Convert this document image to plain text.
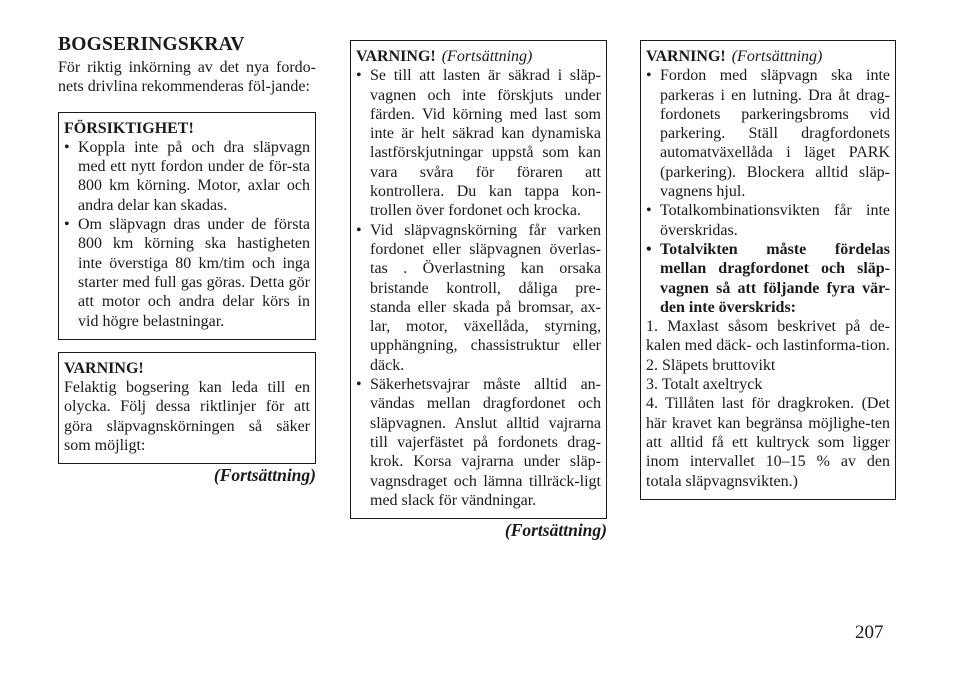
BOGSERINGSKRAV

För riktig inkörning av det nya fordo-nets drivlina rekommenderas föl-jande:

FÖRSIKTIGHET!

• Koppla inte på och dra släpvagn med ett nytt fordon under de för-sta 800 km körning. Motor, axlar och andra delar kan skadas.

• Om släpvagn dras under de första 800 km körning ska hastigheten inte överstiga 80 km/tim och inga starter med full gas göras. Detta gör att motor och andra delar körs in vid högre belastningar.

VARNING!

Felaktig bogsering kan leda till en olycka. Följ dessa riktlinjer för att göra släpvagnskörningen så säker som möjligt:

(Fortsättning)

VARNING! (Fortsättning)

• Se till att lasten är säkrad i släp-vagnen och inte förskjuts under färden. Vid körning med last som inte är helt säkrad kan dynamiska lastförskjutningar uppstå som kan vara svåra för föraren att kontrollera. Du kan tappa kon-trollen över fordonet och krocka.

• Vid släpvagnskörning får varken fordonet eller släpvagnen överlas-tas . Överlastning kan orsaka bristande kontroll, dåliga pre-standa eller skada på bromsar, ax-lar, motor, växellåda, styrning, upphängning, chassistruktur eller däck.

• Säkerhetsvajrar måste alltid an-vändas mellan dragfordonet och släpvagnen. Anslut alltid vajrarna till vajerfästet på fordonets drag-krok. Korsa vajrarna under släp-vagnsdraget och lämna tillräck-ligt med slack för vändningar.

(Fortsättning)

VARNING! (Fortsättning)

• Fordon med släpvagn ska inte parkeras i en lutning. Dra åt drag-fordonets parkeringsbroms vid parkering. Ställ dragfordonets automatväxellåda i läget PARK (parkering). Blockera alltid släp-vagnens hjul.

• Totalkombinationsvikten får inte överskridas.

• Totalvikten måste fördelas mellan dragfordonet och släp-vagnen så att följande fyra vär-den inte överskrids:

1. Maxlast såsom beskrivet på de-kalen med däck- och lastinforma-tion.

2. Släpets bruttovikt

3. Totalt axeltryck

4. Tillåten last för dragkroken. (Det här kravet kan begränsa möjlighe-ten att alltid få ett kultryck som ligger inom intervallet 10–15 % av den totala släpvagnsvikten.)

207
